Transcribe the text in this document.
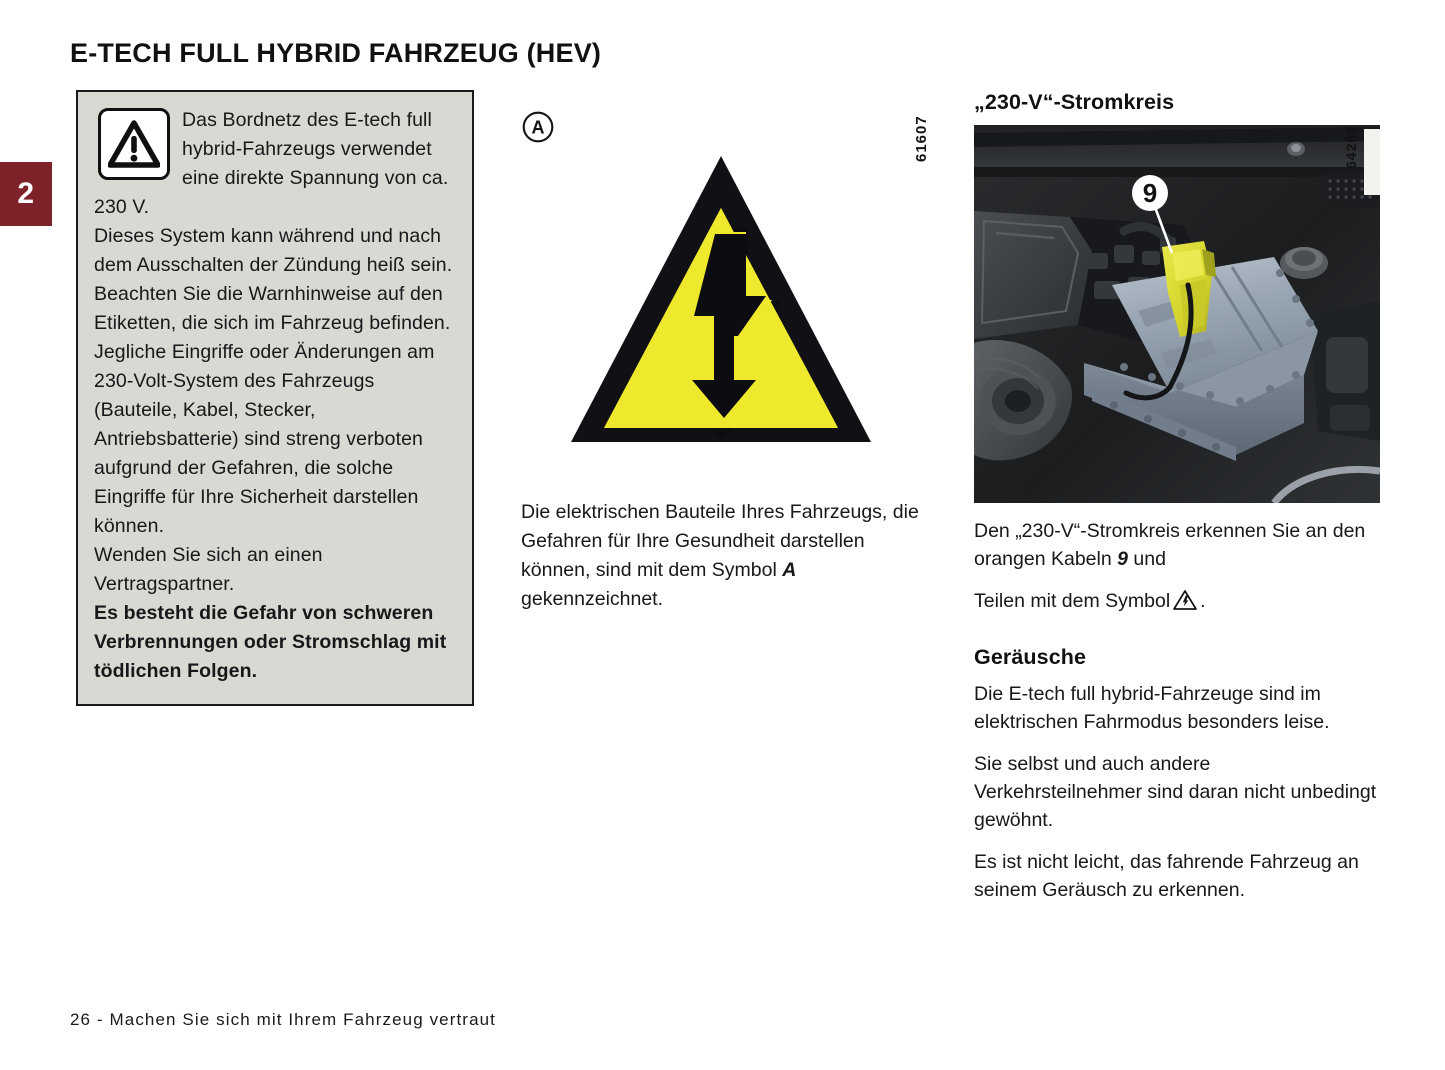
2
E-TECH FULL HYBRID FAHRZEUG (HEV)

Das Bordnetz des E-tech full hybrid-Fahrzeugs verwendet eine direkte Spannung von ca. 230 V.

Dieses System kann während und nach dem Ausschalten der Zündung heiß sein.

Beachten Sie die Warnhinweise auf den Etiketten, die sich im Fahrzeug befinden.

Jegliche Eingriffe oder Änderungen am 230-Volt-System des Fahrzeugs (Bauteile, Kabel, Stecker, Antriebsbatterie) sind streng verboten aufgrund der Gefahren, die solche Eingriffe für Ihre Sicherheit darstellen können.

Wenden Sie sich an einen Vertragspartner.

Es besteht die Gefahr von schweren Verbrennungen oder Stromschlag mit tödlichen Folgen.

A	61607

Die elektrischen Bauteile Ihres Fahrzeugs, die Gefahren für Ihre Gesundheit darstellen können, sind mit dem Symbol A gekennzeichnet.

„230-V“-Stromkreis
9

Den „230-V“-Stromkreis erkennen Sie an den orangen Kabeln 9 und

Teilen mit dem Symbol .

Geräusche

Die E-tech full hybrid-Fahrzeuge sind im elektrischen Fahrmodus besonders leise.

Sie selbst und auch andere Verkehrsteilnehmer sind daran nicht unbedingt gewöhnt.

Es ist nicht leicht, das fahrende Fahrzeug an seinem Geräusch zu erkennen.

26 - Machen Sie sich mit Ihrem Fahrzeug vertraut
